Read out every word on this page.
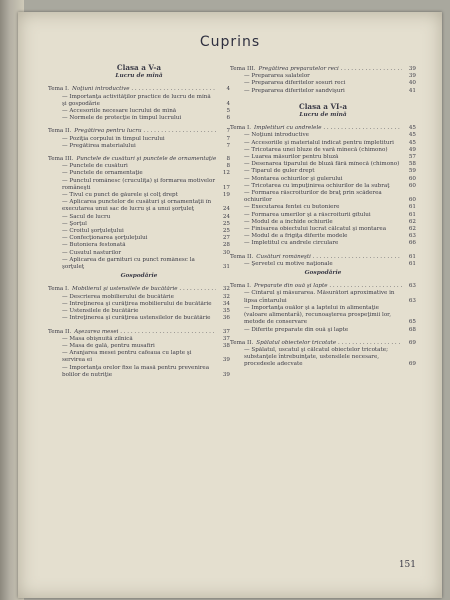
Cuprins
Clasa a V-a
Lucru de mînă
Tema I. Noţiuni introductive . . .	4
— Importanţa activităţilor practice de lucru de mînă şi gospodărie	4
— Accesoriile necesare lucrului de mînă	5
— Normele de protecţie în timpul lucrului	6
Tema II. Pregătirea pentru lucru . . .	7
— Poziţia corpului în timpul lucrului	7
— Pregătirea materialului	7
Tema III. Punctele de cusături şi punctele de ornamentaţie . . .	8
— Punctele de cusături	8
— Punctele de ornamentaţie	12
— Punctul românesc (cruculiţa) şi formarea motivelor româneşti	17
— Tivul cu punct de găurele şi colţ drept	19
— Aplicarea punctelor de cusături şi ornamentaţii în executarea unui sac de lucru şi a unui şorţuleţ	24
— Sacul de lucru	24
— Şorţul	25
— Croitul şorţuleţului	25
— Confecţionarea şorţuleţului	27
— Butoniera festonată	28
— Cusutul nasturilor	30
— Aplicarea de garnituri cu punct românesc la şorţuleţ	31
Gospodărie
Tema I. Mobilierul şi ustensilele de bucătărie . . .	32
— Descrierea mobilierului de bucătărie	32
— Întreţinerea şi curăţirea mobilierului de bucătărie	34
— Ustensilele de bucătărie	35
— Întreţinerea şi curăţirea ustensilelor de bucătărie	36
Tema II. Aşezarea mesei . . .	37
— Masa obişnuită zilnică	37
— Masa de gală, pentru musafiri	38
— Aranjarea mesei pentru cafeaua cu lapte şi servirea ei	39
— Importanţa orelor fixe la masă pentru prevenirea bolilor de nutriţie	39
Tema III. Pregătirea preparatelor reci . . .	39
— Prepararea salatelor	39
— Prepararea diferitelor sosuri reci	40
— Prepararea diferitelor sandvişuri	41
Clasa a VI-a
Lucru de mînă
Tema I. Împletituri cu andrelele . . .	45
— Noţiuni introductive	45
— Accesoriile şi materialul indicat pentru împletituri	45
— Tricotarea unei bluze de vară mînecă (chimono)	49
— Luarea măsurilor pentru bluză	57
— Desenarea tiparului de bluză fără mînecă (chimono)	58
— Tiparul de guler drept	59
— Montarea ochiurilor şi gulerului	60
— Tricotarea cu împuţinirea ochiurilor de la subraţ	60
— Formarea răscroiturilor de braţ prin scăderea ochiurilor	60
— Executarea fentei cu butoniere	61
— Formarea umerilor şi a răscroiturii gîtului	61
— Modul de a închide ochiurile	62
— Finisarea obiectului lucrat călcatul şi montarea	62
— Modul de a frigiţa diferite modele	63
— Împletitul cu andrele circulare	66
Tema II. Cusături româneşti . . .	61
— Şervetel cu motive naţionale	61
Gospodărie
Tema I. Preparate din ouă şi lapte . . .	63
— Cîntarul şi măsurarea. Măsurători aproximative în lipsa cîntarului	63
— Importanţa ouălor şi a laptelui în alimentaţie (valoare alimentară), recunoaşterea prospeţimii lor, metode de conservare	65
— Diferite preparate din ouă şi lapte	68
Tema II. Spălatul obiectelor tricotate . . .	69
— Spălatul, uscatul şi călcatul obiectelor tricotate; substanţele întrebuinţate, ustensilele necesare, procedeele adecvate	69
151
